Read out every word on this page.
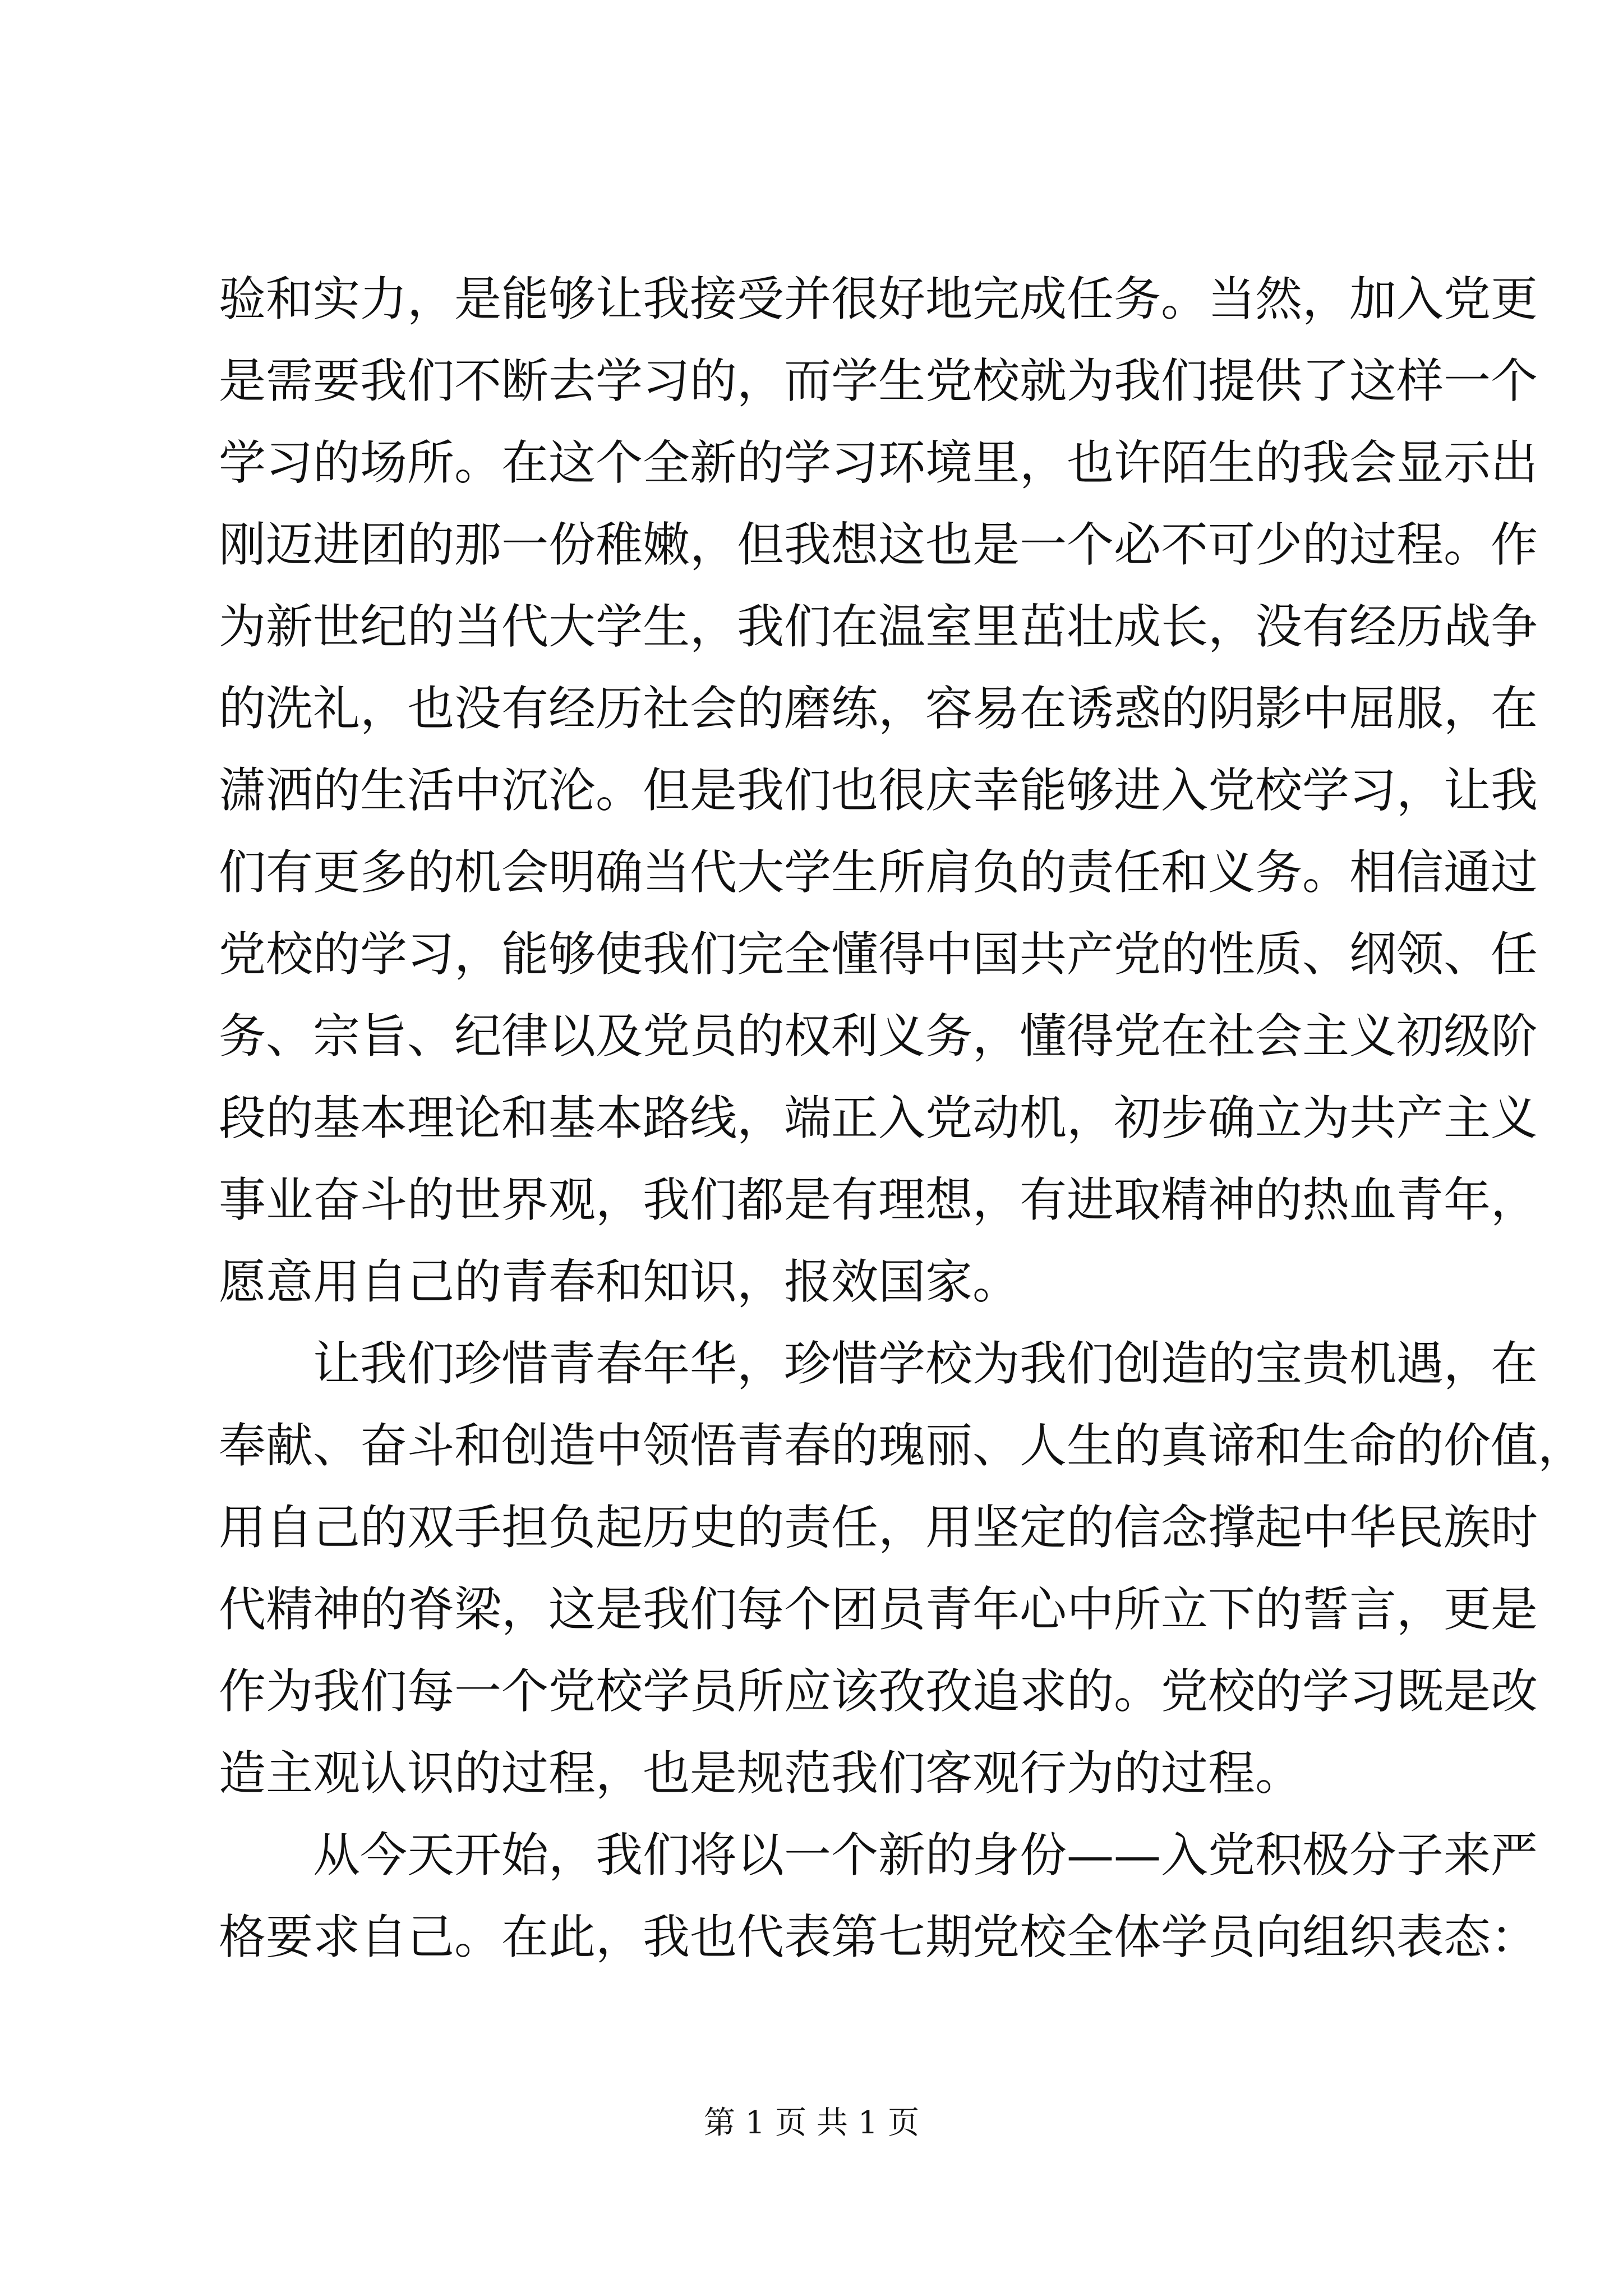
验和实力，是能够让我接受并很好地完成任务。当然，加入党更
是需要我们不断去学习的，而学生党校就为我们提供了这样一个
学习的场所。在这个全新的学习环境里，也许陌生的我会显示出
刚迈进团的那一份稚嫩，但我想这也是一个必不可少的过程。作
为新世纪的当代大学生，我们在温室里茁壮成长，没有经历战争
的洗礼，也没有经历社会的磨练，容易在诱惑的阴影中屈服，在
潇洒的生活中沉沦。但是我们也很庆幸能够进入党校学习，让我
们有更多的机会明确当代大学生所肩负的责任和义务。相信通过
党校的学习，能够使我们完全懂得中国共产党的性质、纲领、任
务、宗旨、纪律以及党员的权利义务，懂得党在社会主义初级阶
段的基本理论和基本路线，端正入党动机，初步确立为共产主义
事业奋斗的世界观，我们都是有理想，有进取精神的热血青年，
愿意用自己的青春和知识，报效国家。
让我们珍惜青春年华，珍惜学校为我们创造的宝贵机遇，在
奉献、奋斗和创造中领悟青春的瑰丽、人生的真谛和生命的价值，
用自己的双手担负起历史的责任，用坚定的信念撑起中华民族时
代精神的脊梁，这是我们每个团员青年心中所立下的誓言，更是
作为我们每一个党校学员所应该孜孜追求的。党校的学习既是改
造主观认识的过程，也是规范我们客观行为的过程。
从今天开始，我们将以一个新的身份——入党积极分子来严
格要求自己。在此，我也代表第七期党校全体学员向组织表态：
第 1 页 共 1 页
